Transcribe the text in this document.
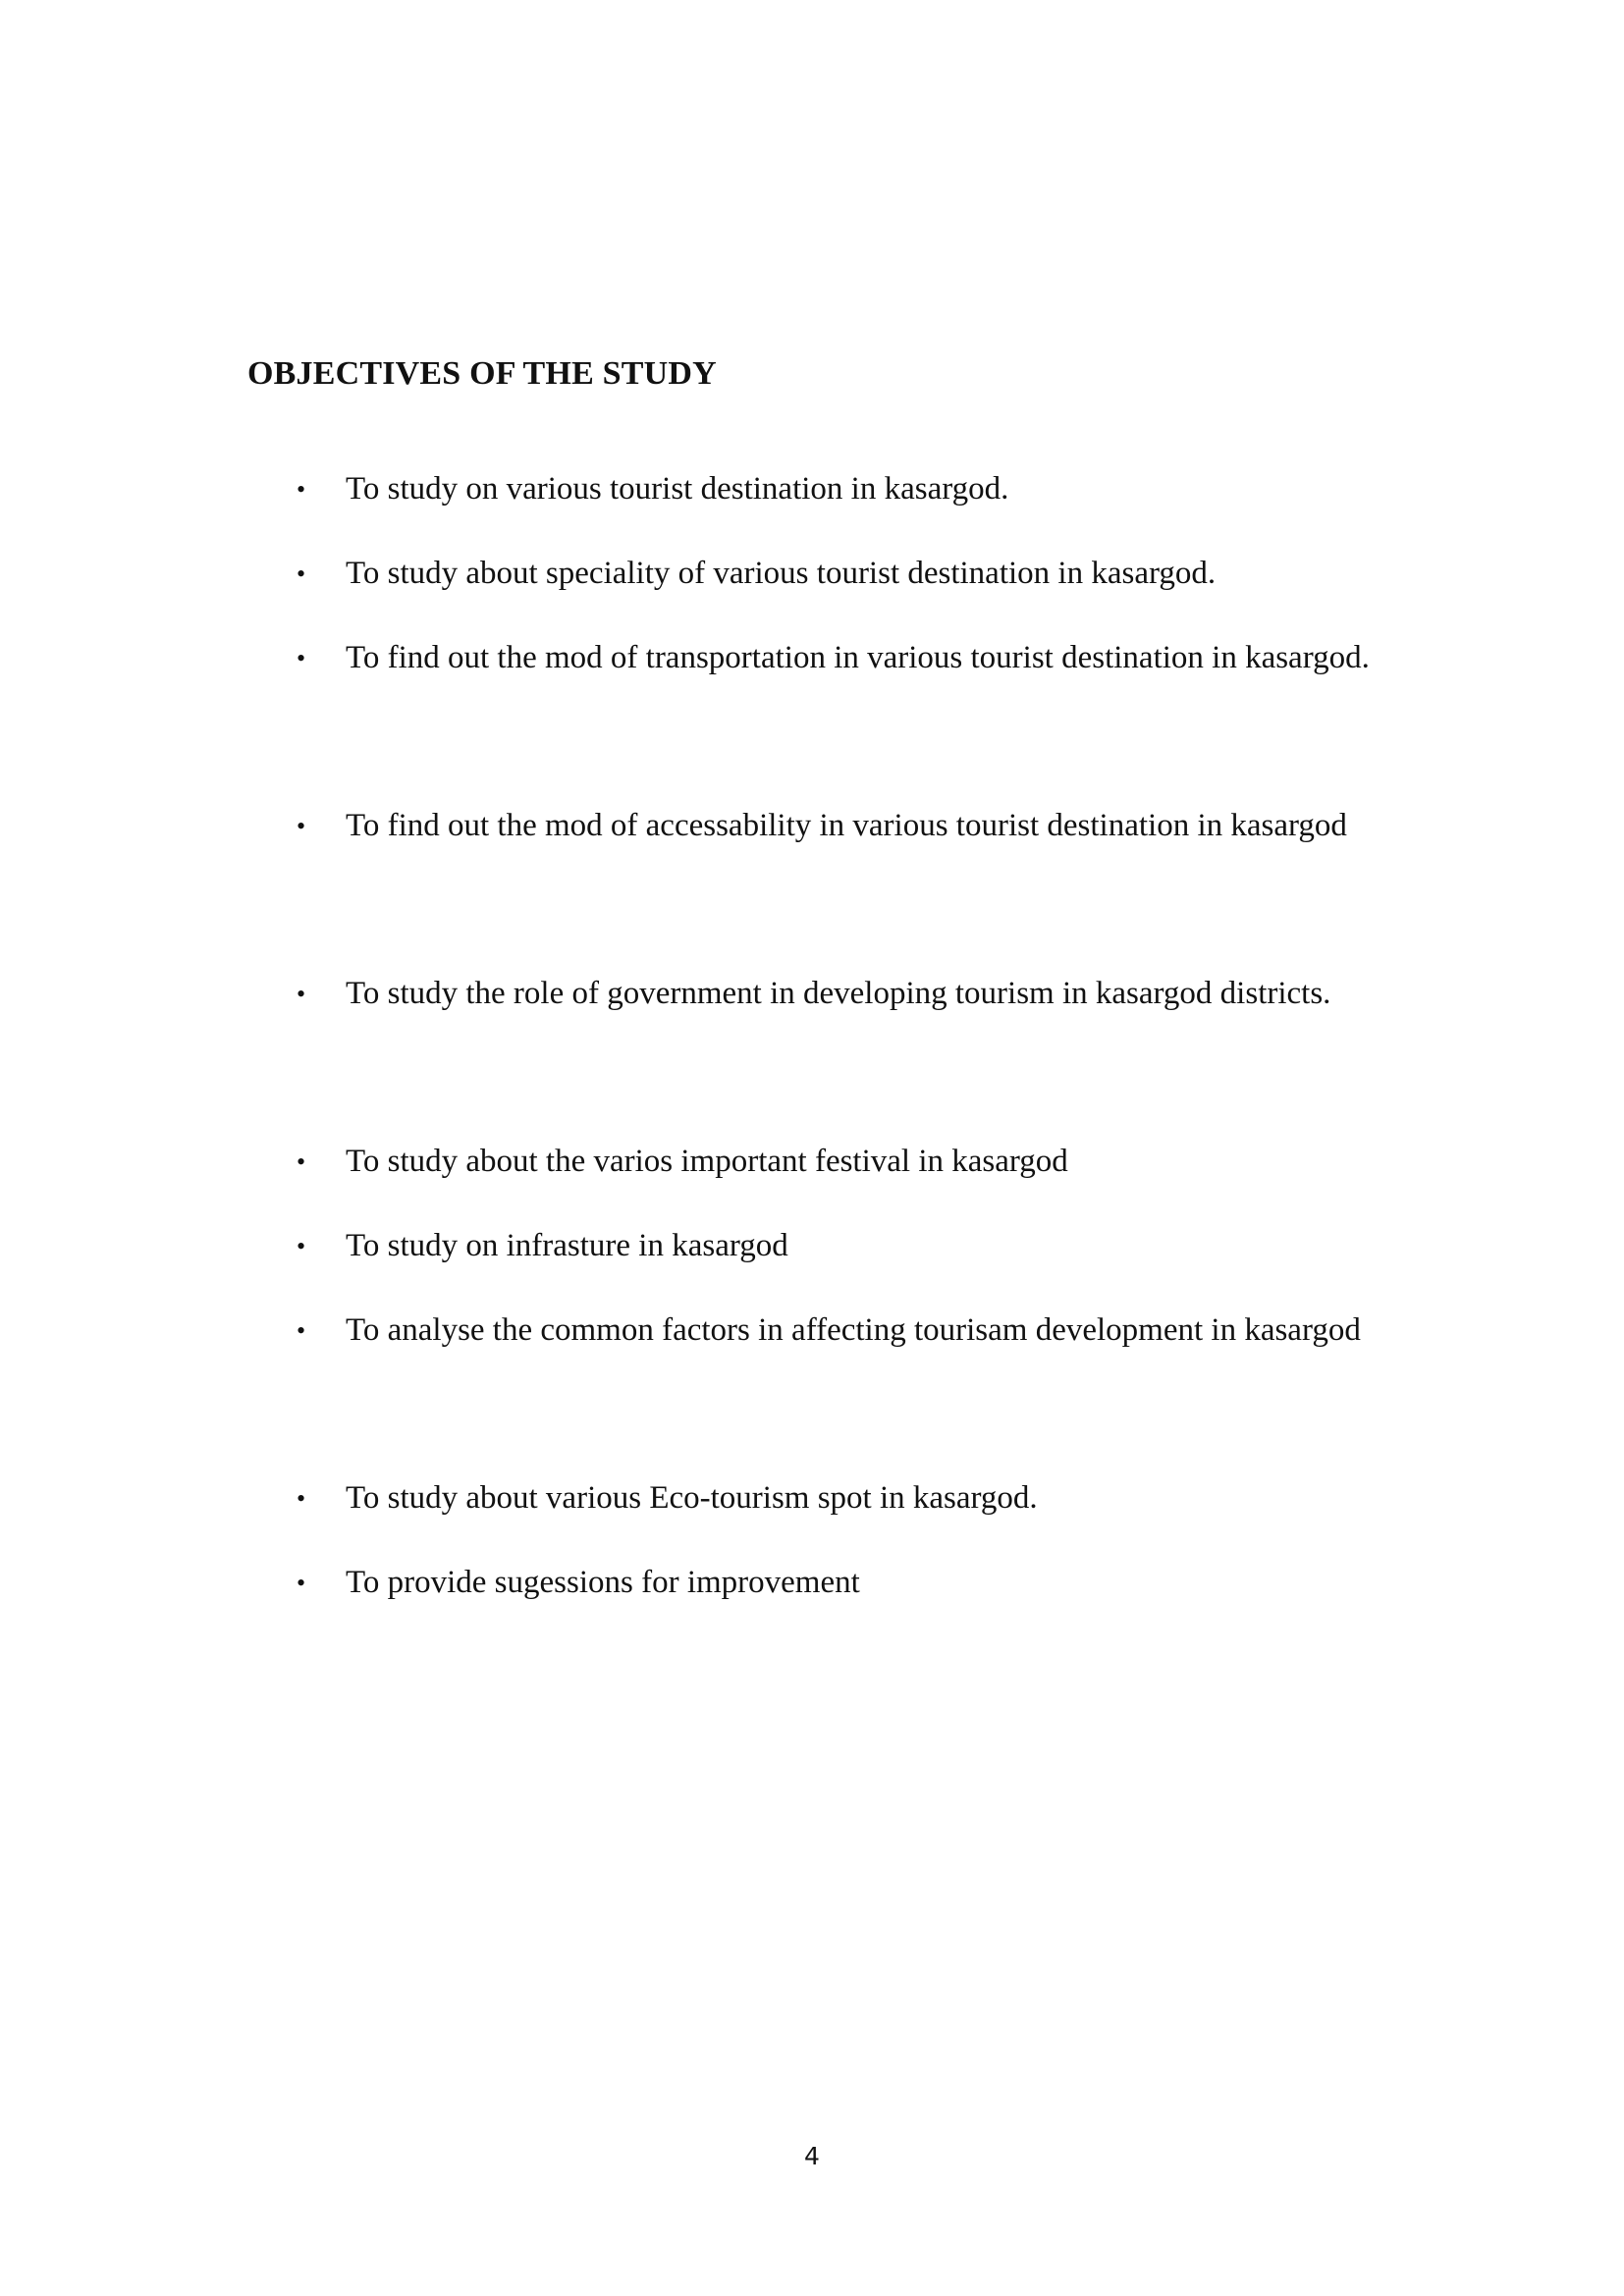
OBJECTIVES OF THE STUDY
•	To study on various tourist destination in kasargod.
•	To study about speciality of various tourist destination in kasargod.
•	To find out the mod of transportation in various tourist destination in kasargod.
•	To find out the mod of accessability in various tourist destination in kasargod
•	To study the role of government in developing tourism in kasargod districts.
•	To study about the varios important festival in kasargod
•	To study on infrasture in kasargod
•	To analyse the common factors in affecting tourisam development in kasargod
•	To study about various Eco-tourism spot in kasargod.
•	To provide sugessions for improvement
4
